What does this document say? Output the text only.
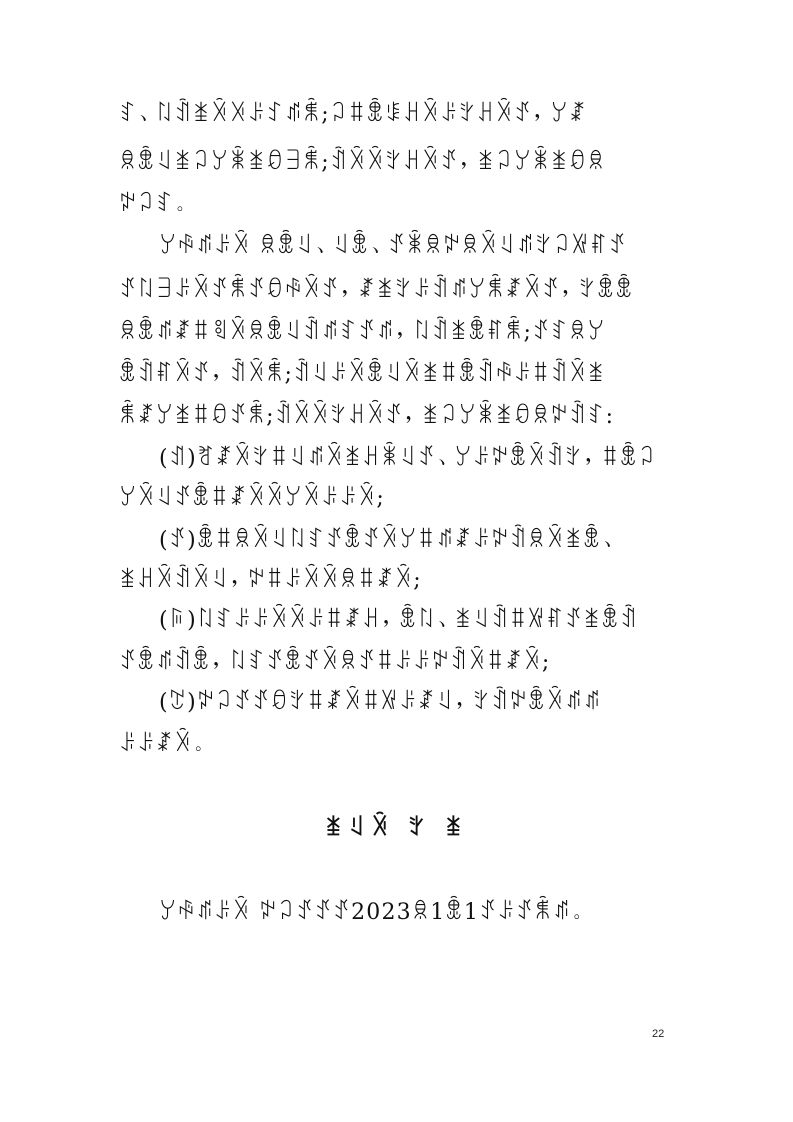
ꆏ、ꇁꀉꁧꋋꋌꌠꉘꁮꐨ;ꃀꐚꂬꌐꃅꋋꌠꇬꃅꋋꀋ，ꌦꊨ
ꌋꂬꆹꁧꃀꌦꉚꁧꈲꎆꐨ;ꀉꋋꋋꇬꃅꋋꀋ，ꁧꃀꌦꉚꁧꈲꌋ
ꉢꃀꆏ。
ꌦꊌꁮꌠꋋ ꌋꂬꆹ、ꆹꂬ、ꀋꉚꌋꉢꌋꋋꆹꁮꇬꃀꑟꐥꀋ
ꀋꇁꎆꌠꋋꀋꐨꀋꈲꊌꋋꀋ，ꊨꁧꇬꌠꀉꁮꌦꐨꊨꋋꀋ，ꇬꂬꂬ
ꌋꂬꁮꊨꐚꑠꋋꌋꂬꆹꀉꁮꆏꀋꁮ，ꇁꀉꁧꂬꐥꐨ;ꀋꆏꌋꌦ
ꂬꀉꐥꋋꀋ，ꀉꋋꐨ;ꀉꆹꌠꋋꂬꆹꋋꁧꐚꂬꀉꊌꌠꐚꀉꋋꁧ
ꐨꊨꌦꁧꐚꈲꀋꐨ;ꀉꋋꋋꇬꃅꋋꀋ，ꁧꃀꌦꉚꁧꈲꌋꉢꀉꆏ:
(ꀊ)ꐛꊨꋋꇬꐚꆹꁮꋋꁧꃅꉚꆹꀋ、ꌦꌠꉢꂬꋋꀉꇬ，ꐚꂬꃀ
ꌦꋋꆹꀋꂬꐚꊨꋋꋋꌦꋋꌠꌠꋋ;
(ꀋ)ꂬꐚꌋꋋꆹꇁꆏꀋꂬꀋꋋꌦꐚꁮꊨꌠꉢꀉꌋꋋꁧꂬ、
ꁧꃅꋋꀉꋋꆹ，ꉢꐚꌠꋋꋋꌋꐚꊨꋋ;
(ꌕ)ꇁꆏꌠꌠꋋꋋꌠꐚꊨꃅ，ꂬꇁ、ꁧꆹꀉꐚꑟꐥꀋꁧꂬꀉ
ꀋꂬꁮꀉꂬ，ꇁꆏꀋꂬꀋꋋꌋꀋꐚꌠꌠꉢꀉꋋꐚꊨꋋ;
(ꇖ)ꉢꃀꀋꀋꈲꇬꐚꊨꋋꐚꑟꌠꊨꆹ，ꇬꀉꉢꂬꋋꁮꁮ
ꌠꌠꊨꋋ。
ꁧꆹꋋ ꇬ ꁧ
ꌦꊌꁮꌠꋋ ꉢꃀꀋꀋꀋ2023ꌋ1ꂬ1ꀋꌠꀋꐨꁮ。
22
